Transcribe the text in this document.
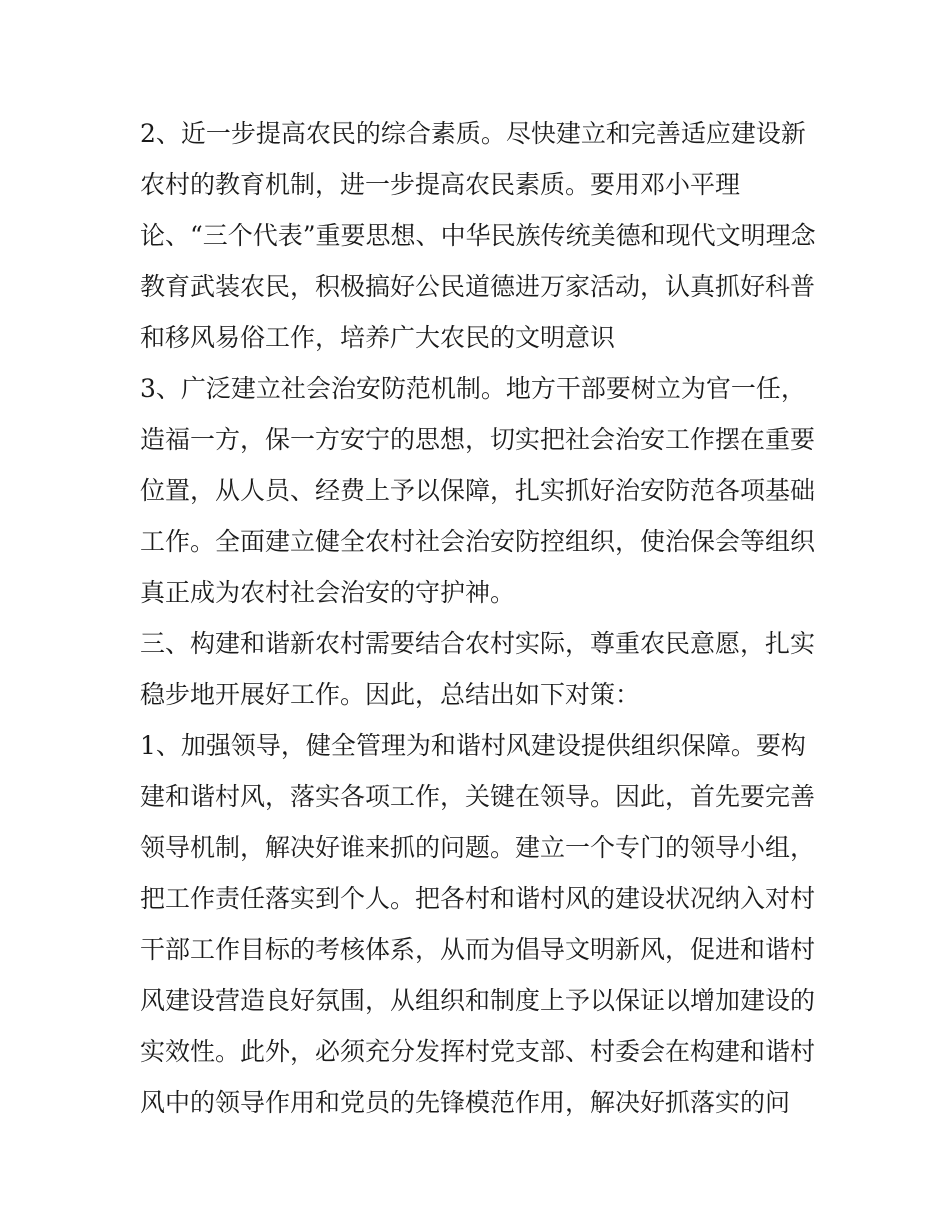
2、近一步提高农民的综合素质。尽快建立和完善适应建设新
农村的教育机制，进一步提高农民素质。要用邓小平理
论、“三个代表”重要思想、中华民族传统美德和现代文明理念
教育武装农民，积极搞好公民道德进万家活动，认真抓好科普
和移风易俗工作，培养广大农民的文明意识
3、广泛建立社会治安防范机制。地方干部要树立为官一任，
造福一方，保一方安宁的思想，切实把社会治安工作摆在重要
位置，从人员、经费上予以保障，扎实抓好治安防范各项基础
工作。全面建立健全农村社会治安防控组织，使治保会等组织
真正成为农村社会治安的守护神。
三、构建和谐新农村需要结合农村实际，尊重农民意愿，扎实
稳步地开展好工作。因此，总结出如下对策：
1、加强领导，健全管理为和谐村风建设提供组织保障。要构
建和谐村风，落实各项工作，关键在领导。因此，首先要完善
领导机制，解决好谁来抓的问题。建立一个专门的领导小组，
把工作责任落实到个人。把各村和谐村风的建设状况纳入对村
干部工作目标的考核体系，从而为倡导文明新风，促进和谐村
风建设营造良好氛围，从组织和制度上予以保证以增加建设的
实效性。此外，必须充分发挥村党支部、村委会在构建和谐村
风中的领导作用和党员的先锋模范作用，解决好抓落实的问
